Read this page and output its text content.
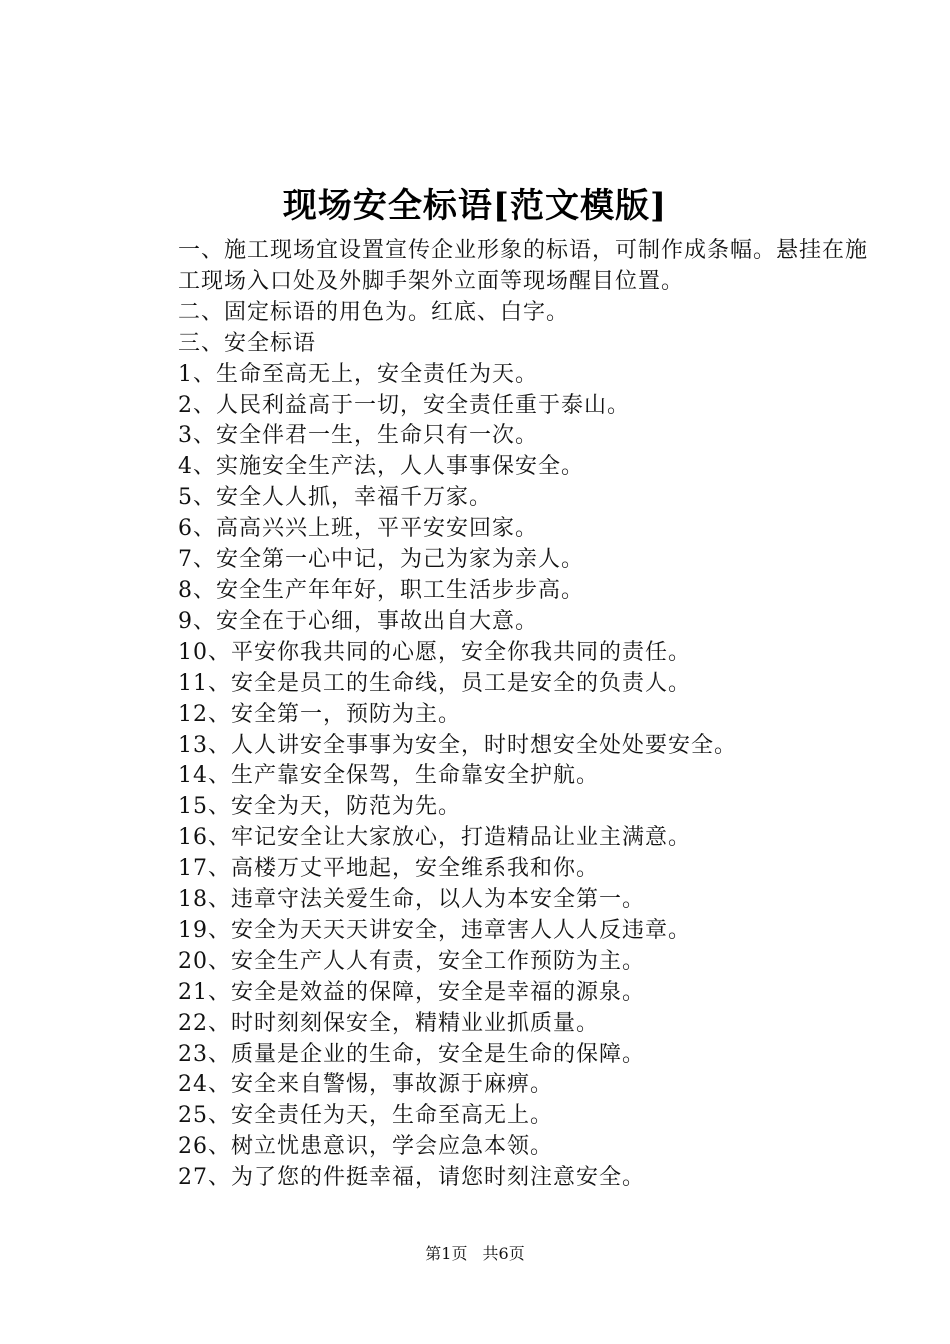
现场安全标语[范文模版]

一、施工现场宜设置宣传企业形象的标语，可制作成条幅。悬挂在施工现场入口处及外脚手架外立面等现场醒目位置。

二、固定标语的用色为。红底、白字。

三、安全标语

1、生命至高无上，安全责任为天。
2、人民利益高于一切，安全责任重于泰山。
3、安全伴君一生，生命只有一次。
4、实施安全生产法，人人事事保安全。
5、安全人人抓，幸福千万家。
6、高高兴兴上班，平平安安回家。
7、安全第一心中记，为己为家为亲人。
8、安全生产年年好，职工生活步步高。
9、安全在于心细，事故出自大意。
10、平安你我共同的心愿，安全你我共同的责任。
11、安全是员工的生命线，员工是安全的负责人。
12、安全第一，预防为主。
13、人人讲安全事事为安全，时时想安全处处要安全。
14、生产靠安全保驾，生命靠安全护航。
15、安全为天，防范为先。
16、牢记安全让大家放心，打造精品让业主满意。
17、高楼万丈平地起，安全维系我和你。
18、违章守法关爱生命，以人为本安全第一。
19、安全为天天天讲安全，违章害人人人反违章。
20、安全生产人人有责，安全工作预防为主。
21、安全是效益的保障，安全是幸福的源泉。
22、时时刻刻保安全，精精业业抓质量。
23、质量是企业的生命，安全是生命的保障。
24、安全来自警惕，事故源于麻痹。
25、安全责任为天，生命至高无上。
26、树立忧患意识，学会应急本领。
27、为了您的件挺幸福，请您时刻注意安全。
第1页 共6页
